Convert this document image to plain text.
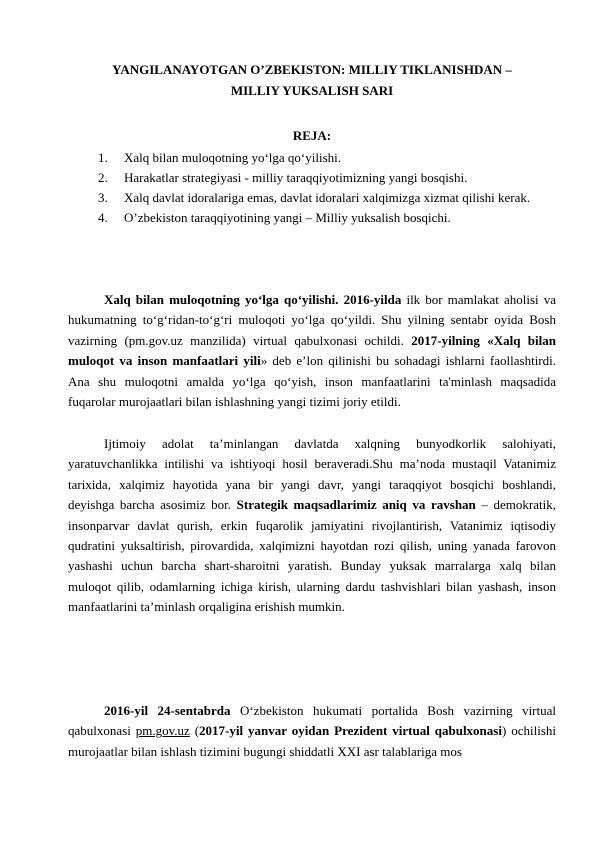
YANGILANAYOTGAN O’ZBEKISTON: MILLIY TIKLANISHDAN –
MILLIY YUKSALISH SARI
REJA:
1. Xalq bilan muloqotning yo‘lga qo‘yilishi.
2. Harakatlar strategiyasi - milliy taraqqiyotimizning yangi bosqishi.
3. Xalq davlat idoralariga emas, davlat idoralari xalqimizga xizmat qilishi kerak.
4. O’zbekiston taraqqiyotining yangi – Milliy yuksalish bosqichi.

Xalq bilan muloqotning yo‘lga qo‘yilishi. 2016-yilda ilk bor mamlakat aholisi va hukumatning to‘g‘ridan-to‘g‘ri muloqoti yo‘lga qo‘yildi. Shu yilning sentabr oyida Bosh vazirning (pm.gov.uz manzilida) virtual qabulxonasi ochildi. 2017-yilning «Xalq bilan muloqot va inson manfaatlari yili» deb e’lon qilinishi bu sohadagi ishlarni faollashtirdi. Ana shu muloqotni amalda yo‘lga qo‘yish, inson manfaatlarini ta'minlash maqsadida fuqarolar murojaatlari bilan ishlashning yangi tizimi joriy etildi.

Ijtimoiy adolat ta’minlangan davlatda xalqning bunyodkorlik salohiyati, yaratuvchanlikka intilishi va ishtiyoqi hosil beraveradi.Shu ma’noda mustaqil Vatanimiz tarixida, xalqimiz hayotida yana bir yangi davr, yangi taraqqiyot bosqichi boshlandi, deyishga barcha asosimiz bor. Strategik maqsadlarimiz aniq va ravshan – demokratik, insonparvar davlat qurish, erkin fuqarolik jamiyatini rivojlantirish, Vatanimiz iqtisodiy qudratini yuksaltirish, pirovardida, xalqimizni hayotdan rozi qilish, uning yanada farovon yashashi uchun barcha shart-sharoitni yaratish. Bunday yuksak marralarga xalq bilan muloqot qilib, odamlarning ichiga kirish, ularning dardu tashvishlari bilan yashash, inson manfaatlarini ta’minlash orqaligina erishish mumkin.

2016-yil 24-sentabrda O‘zbekiston hukumati portalida Bosh vazirning virtual qabulxonasi pm.gov.uz (2017-yil yanvar oyidan Prezident virtual qabulxonasi) ochilishi murojaatlar bilan ishlash tizimini bugungi shiddatli XXI asr talablariga mos
